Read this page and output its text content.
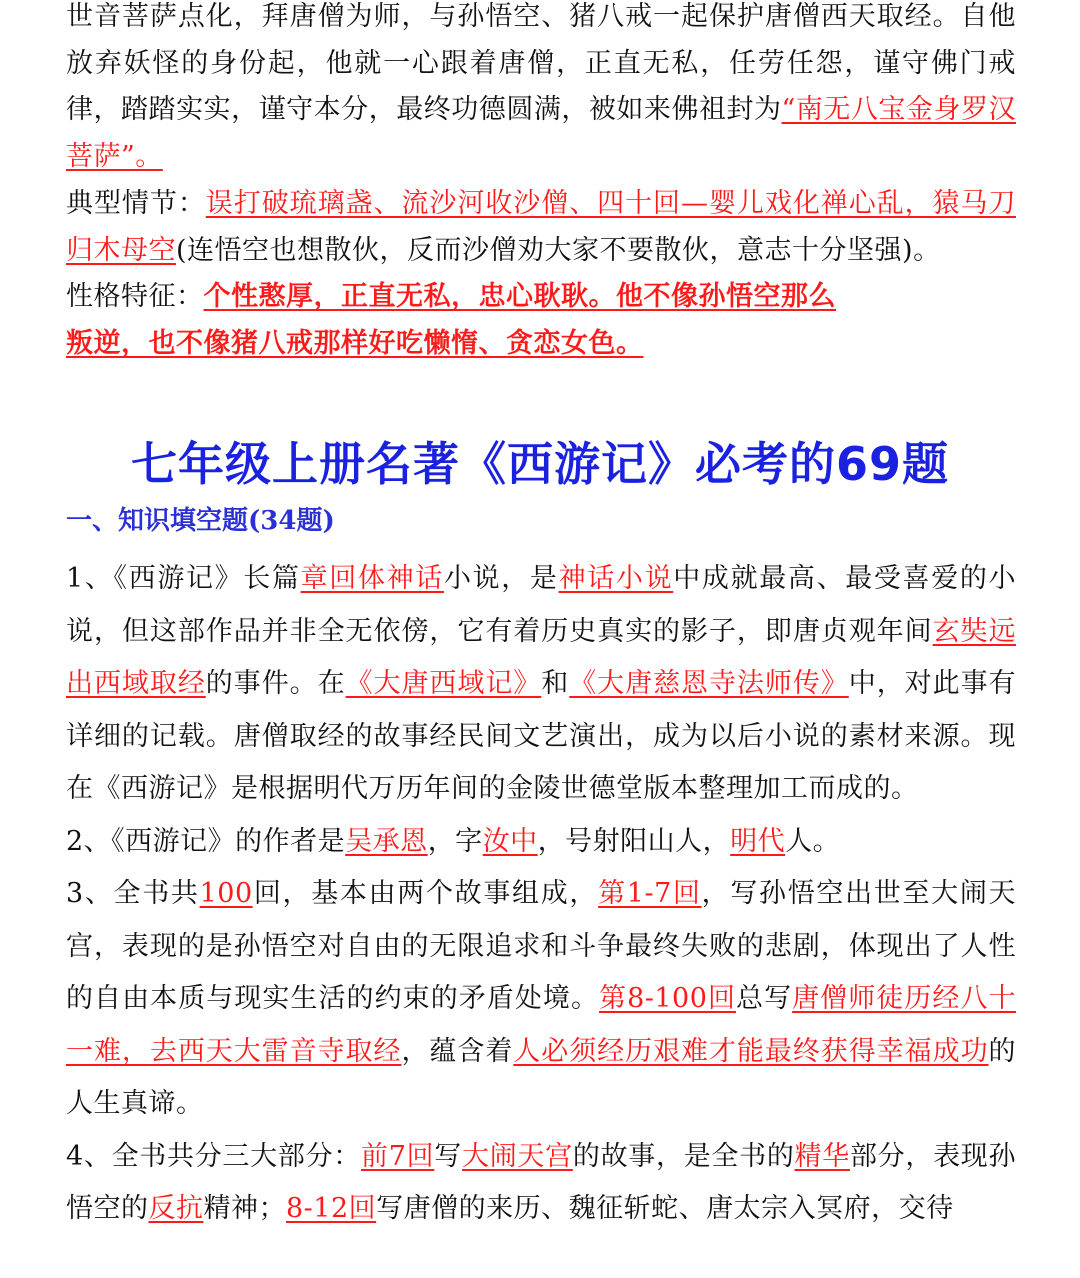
世音菩萨点化，拜唐僧为师，与孙悟空、猪八戒一起保护唐僧西天取经。自他放弃妖怪的身份起，他就一心跟着唐僧，正直无私，任劳任怨，谨守佛门戒律，踏踏实实，谨守本分，最终功德圆满，被如来佛祖封为“南无八宝金身罗汉菩萨”。

典型情节：误打破琉璃盏、流沙河收沙僧、四十回—婴儿戏化禅心乱，猿马刀归木母空(连悟空也想散伙，反而沙僧劝大家不要散伙，意志十分坚强)。

性格特征：个性憨厚，正直无私，忠心耿耿。他不像孙悟空那么
叛逆，也不像猪八戒那样好吃懒惰、贪恋女色。

七年级上册名著《西游记》必考的69题
一、知识填空题(34题)

1、《西游记》长篇章回体神话小说，是神话小说中成就最高、最受喜爱的小说，但这部作品并非全无依傍，它有着历史真实的影子，即唐贞观年间玄奘远出西域取经的事件。在《大唐西域记》和《大唐慈恩寺法师传》中，对此事有详细的记载。唐僧取经的故事经民间文艺演出，成为以后小说的素材来源。现在《西游记》是根据明代万历年间的金陵世德堂版本整理加工而成的。

2、《西游记》的作者是吴承恩，字汝中，号射阳山人，明代人。

3、全书共100回，基本由两个故事组成，第1-7回，写孙悟空出世至大闹天宫，表现的是孙悟空对自由的无限追求和斗争最终失败的悲剧，体现出了人性的自由本质与现实生活的约束的矛盾处境。第8-100回总写唐僧师徒历经八十一难，去西天大雷音寺取经，蕴含着人必须经历艰难才能最终获得幸福成功的人生真谛。

4、全书共分三大部分：前7回写大闹天宫的故事，是全书的精华部分，表现孙悟空的反抗精神；8-12回写唐僧的来历、魏征斩蛇、唐太宗入冥府，交待
